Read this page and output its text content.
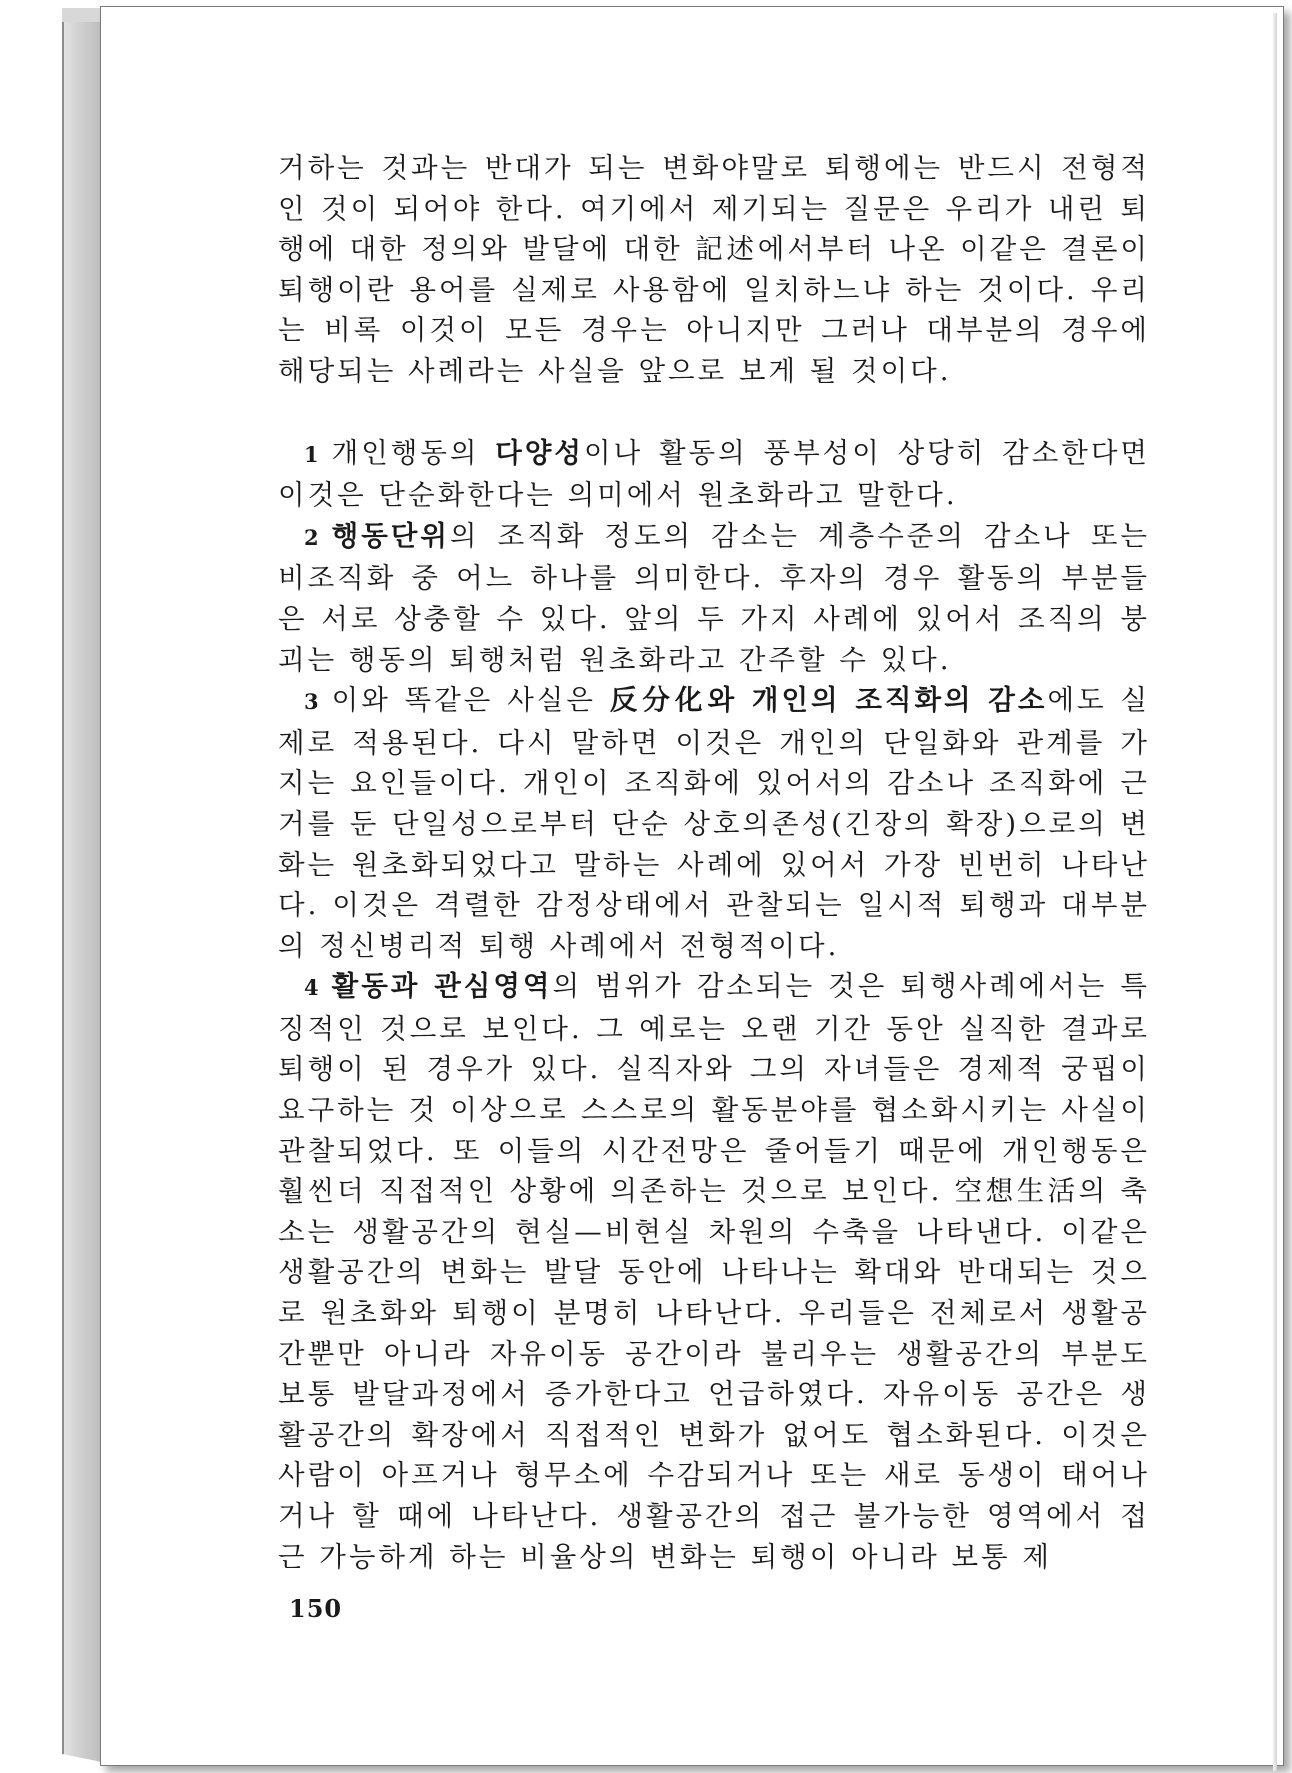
거하는 것과는 반대가 되는 변화야말로 퇴행에는 반드시 전형적인 것이 되어야 한다. 여기에서 제기되는 질문은 우리가 내린 퇴행에 대한 정의와 발달에 대한 記述에서부터 나온 이같은 결론이 퇴행이란 용어를 실제로 사용함에 일치하느냐 하는 것이다. 우리는 비록 이것이 모든 경우는 아니지만 그러나 대부분의 경우에 해당되는 사례라는 사실을 앞으로 보게 될 것이다.

1 개인행동의 다양성이나 활동의 풍부성이 상당히 감소한다면 이것은 단순화한다는 의미에서 원초화라고 말한다.

2 행동단위의 조직화 정도의 감소는 계층수준의 감소나 또는 비조직화 중 어느 하나를 의미한다. 후자의 경우 활동의 부분들은 서로 상충할 수 있다. 앞의 두 가지 사례에 있어서 조직의 붕괴는 행동의 퇴행처럼 원초화라고 간주할 수 있다.

3 이와 똑같은 사실은 反分化와 개인의 조직화의 감소에도 실제로 적용된다. 다시 말하면 이것은 개인의 단일화와 관계를 가지는 요인들이다. 개인이 조직화에 있어서의 감소나 조직화에 근거를 둔 단일성으로부터 단순 상호의존성(긴장의 확장)으로의 변화는 원초화되었다고 말하는 사례에 있어서 가장 빈번히 나타난다. 이것은 격렬한 감정상태에서 관찰되는 일시적 퇴행과 대부분의 정신병리적 퇴행 사례에서 전형적이다.

4 활동과 관심영역의 범위가 감소되는 것은 퇴행사례에서는 특징적인 것으로 보인다. 그 예로는 오랜 기간 동안 실직한 결과로 퇴행이 된 경우가 있다. 실직자와 그의 자녀들은 경제적 궁핍이 요구하는 것 이상으로 스스로의 활동분야를 협소화시키는 사실이 관찰되었다. 또 이들의 시간전망은 줄어들기 때문에 개인행동은 훨씬더 직접적인 상황에 의존하는 것으로 보인다. 空想生活의 축소는 생활공간의 현실—비현실 차원의 수축을 나타낸다. 이같은 생활공간의 변화는 발달 동안에 나타나는 확대와 반대되는 것으로 원초화와 퇴행이 분명히 나타난다. 우리들은 전체로서 생활공간뿐만 아니라 자유이동 공간이라 불리우는 생활공간의 부분도 보통 발달과정에서 증가한다고 언급하였다. 자유이동 공간은 생활공간의 확장에서 직접적인 변화가 없어도 협소화된다. 이것은 사람이 아프거나 형무소에 수감되거나 또는 새로 동생이 태어나거나 할 때에 나타난다. 생활공간의 접근 불가능한 영역에서 접근 가능하게 하는 비율상의 변화는 퇴행이 아니라 보통 제

150
